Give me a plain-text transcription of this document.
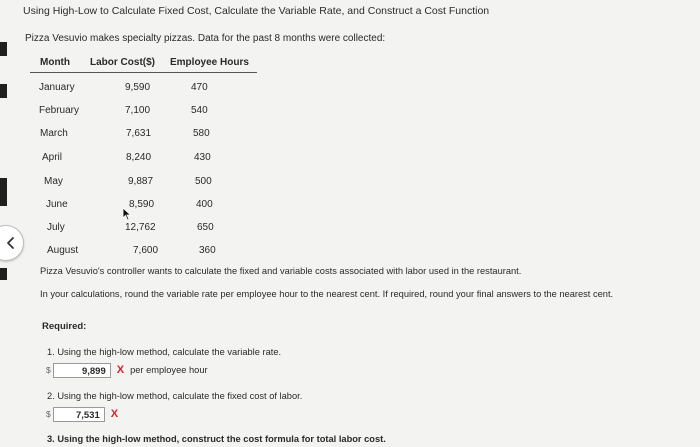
Using High-Low to Calculate Fixed Cost, Calculate the Variable Rate, and Construct a Cost Function
Pizza Vesuvio makes specialty pizzas. Data for the past 8 months were collected:
Month Labor Cost($) Employee Hours
January	9,590	470
February	7,100	540
March	7,631	580
April	8,240	430
May	9,887	500
June	8,590	400
July	12,762	650
August	7,600	360
Pizza Vesuvio's controller wants to calculate the fixed and variable costs associated with labor used in the restaurant.
In your calculations, round the variable rate per employee hour to the nearest cent. If required, round your final answers to the nearest cent.
Required:
1. Using the high-low method, calculate the variable rate.
$	9,899	X per employee hour
2. Using the high-low method, calculate the fixed cost of labor.
$	7,531	X
3. Using the high-low method, construct the cost formula for total labor cost.
